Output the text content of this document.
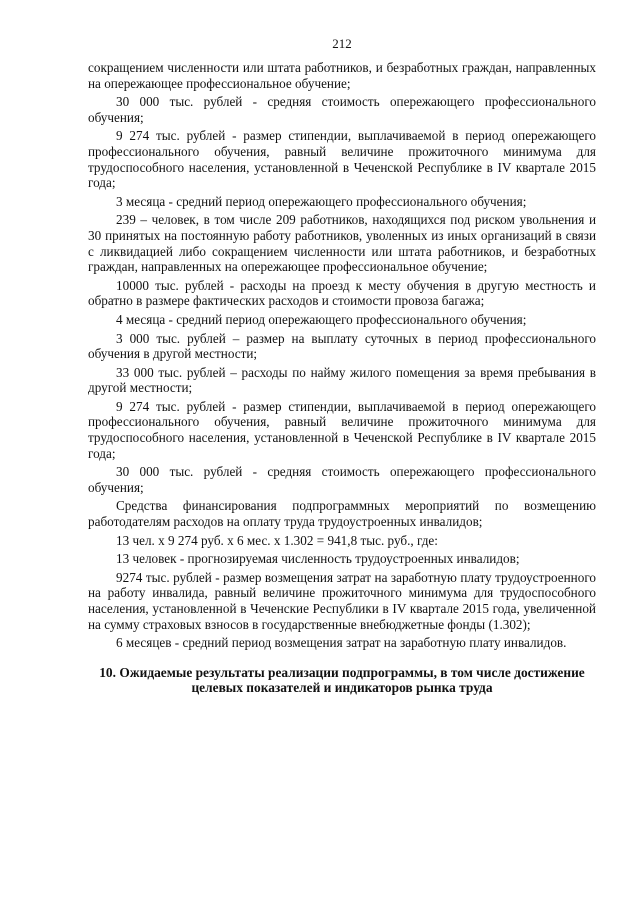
212

сокращением численности или штата работников, и безработных граждан, направленных на опережающее профессиональное обучение;

30 000 тыс. рублей - средняя стоимость опережающего профессионального обучения;

9 274 тыс. рублей - размер стипендии, выплачиваемой в период опережающего профессионального обучения, равный величине прожиточного минимума для трудоспособного населения, установленной в Чеченской Республике в IV квартале 2015 года;

3 месяца - средний период опережающего профессионального обучения;

239 – человек, в том числе 209 работников, находящихся под риском увольнения и 30 принятых на постоянную работу работников, уволенных из иных организаций в связи с ликвидацией либо сокращением численности или штата работников, и безработных граждан, направленных на опережающее профессиональное обучение;

10000 тыс. рублей - расходы на проезд к месту обучения в другую местность и обратно в размере фактических расходов и стоимости провоза багажа;

4 месяца - средний период опережающего профессионального обучения;

3 000 тыс. рублей – размер на выплату суточных в период профессионального обучения в другой местности;

33 000 тыс. рублей – расходы по найму жилого помещения за время пребывания в другой местности;

9 274 тыс. рублей - размер стипендии, выплачиваемой в период опережающего профессионального обучения, равный величине прожиточного минимума для трудоспособного населения, установленной в Чеченской Республике в IV квартале 2015 года;

30 000 тыс. рублей - средняя стоимость опережающего профессионального обучения;

Средства финансирования подпрограммных мероприятий по возмещению работодателям расходов на оплату труда трудоустроенных инвалидов;

13 чел. х 9 274 руб. х 6 мес. х 1.302 = 941,8 тыс. руб., где:

13 человек - прогнозируемая численность трудоустроенных инвалидов;

9274 тыс. рублей - размер возмещения затрат на заработную плату трудоустроенного на работу инвалида, равный величине прожиточного минимума для трудоспособного населения, установленной в Чеченские Республики в IV квартале 2015 года, увеличенной на сумму страховых взносов в государственные внебюджетные фонды (1.302);

6 месяцев - средний период возмещения затрат на заработную плату инвалидов.

10. Ожидаемые результаты реализации подпрограммы, в том числе достижение целевых показателей и индикаторов рынка труда
